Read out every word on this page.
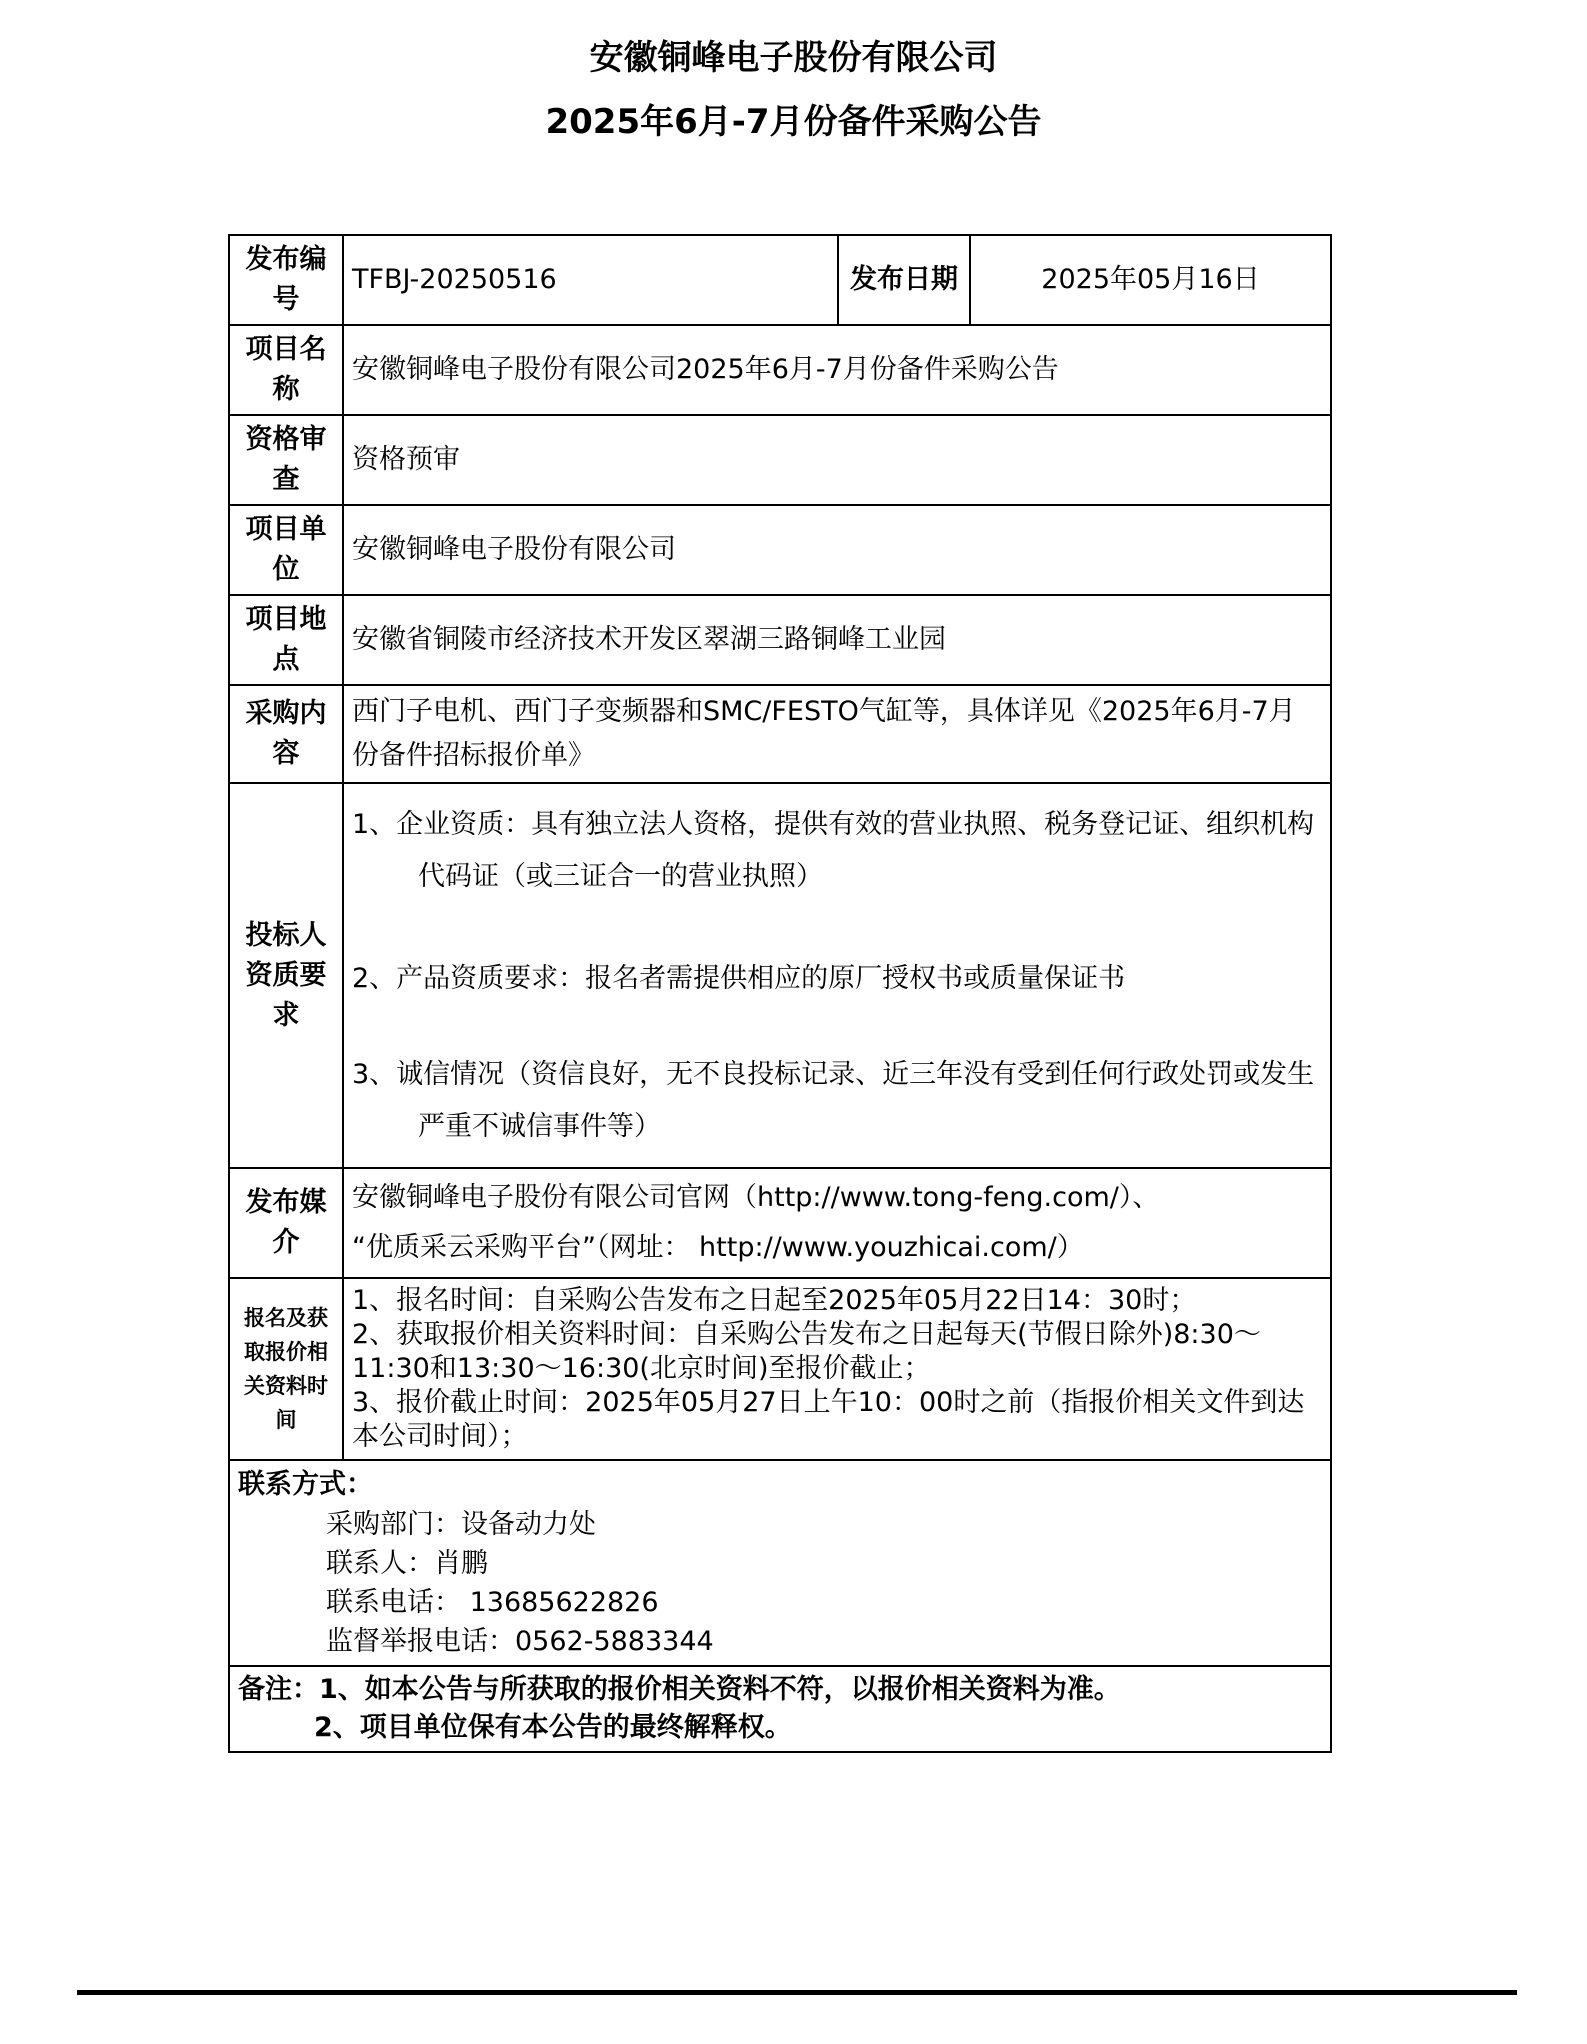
安徽铜峰电子股份有限公司
2025年6月-7月份备件采购公告
发布编号	TFBJ-20250516	发布日期	2025年05月16日
项目名称	安徽铜峰电子股份有限公司2025年6月-7月份备件采购公告		
资格审查	资格预审		
项目单位	安徽铜峰电子股份有限公司		
项目地点	安徽省铜陵市经济技术开发区翠湖三路铜峰工业园		
采购内容	西门子电机、西门子变频器和SMC/FESTO气缸等，具体详见《2025年6月-7月份备件招标报价单》		
投标人资质要求	1、企业资质：具有独立法人资格，提供有效的营业执照、税务登记证、组织机构代码证（或三证合一的营业执照）

2、产品资质要求：报名者需提供相应的原厂授权书或质量保证书

3、诚信情况（资信良好，无不良投标记录、近三年没有受到任何行政处罚或发生严重不诚信事件等）		

发布媒介	安徽铜峰电子股份有限公司官网（http://www.tong-feng.com/）、
“优质采云采购平台”（网址： http://www.youzhicai.com/）		

报名及获取报价相关资料时间	1、报名时间：自采购公告发布之日起至2025年05月22日14：30时；

2、获取报价相关资料时间：自采购公告发布之日起每天(节假日除外)8:30～11:30和13:30～16:30(北京时间)至报价截止；

3、报价截止时间：2025年05月27日上午10：00时之前（指报价相关文件到达本公司时间）；		

联系方式：
采购部门：设备动力处
联系人：肖鹏
联系电话： 13685622826
监督举报电话：0562-5883344			

备注：1、如本公告与所获取的报价相关资料不符，以报价相关资料为准。
2、项目单位保有本公告的最终解释权。			
